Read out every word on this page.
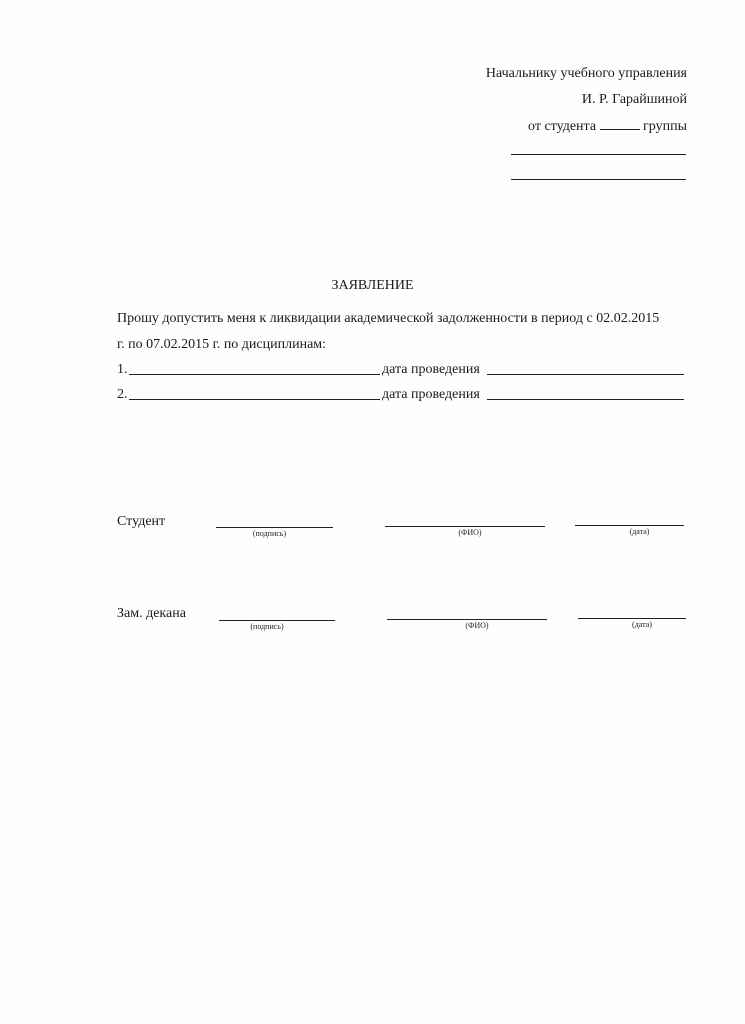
Начальнику учебного управления
И. Р. Гарайшиной
от студента	группы
ЗАЯВЛЕНИЕ
Прошу допустить меня к ликвидации академической задолженности в период с 02.02.2015
г. по 07.02.2015 г. по дисциплинам:
1.	дата проведения
2.	дата проведения
Студент
(подпись)	(ФИО)	(дата)
Зам. декана
(подпись)	(ФИО)	(дата)
